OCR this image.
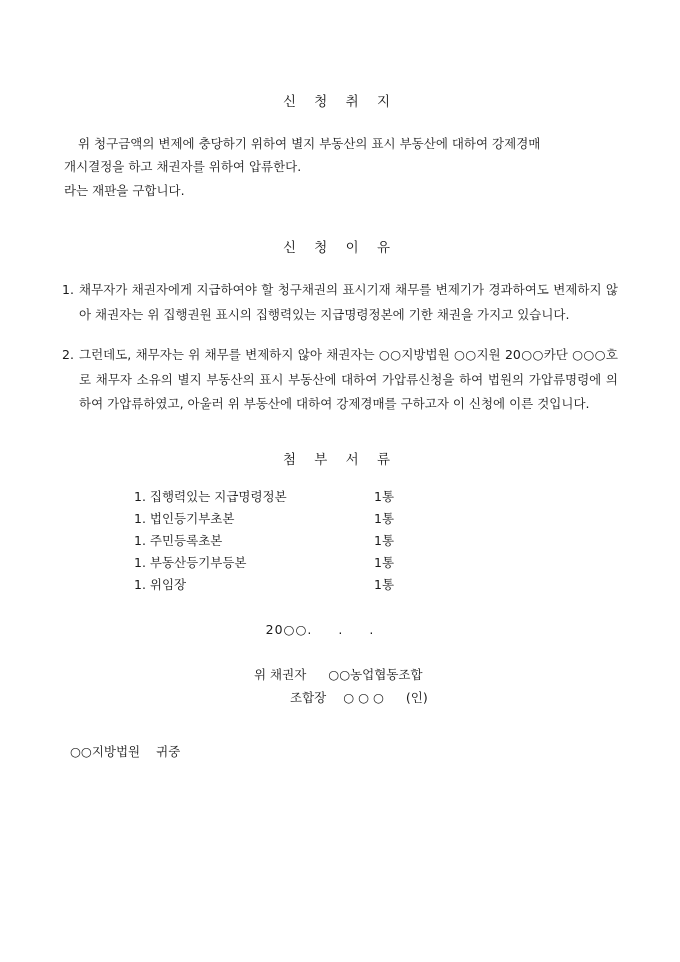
신 청 취 지
위 청구금액의 변제에 충당하기 위하여 별지 부동산의 표시 부동산에 대하여 강제경매
개시결정을 하고 채권자를 위하여 압류한다.
라는 재판을 구합니다.
신 청 이 유
1. 채무자가 채권자에게 지급하여야 할 청구채권의 표시기재 채무를 변제기가 경과하여도 변제하지 않아 채권자는 위 집행권원 표시의 집행력있는 지급명령정본에 기한 채권을 가지고 있습니다.
2. 그런데도, 채무자는 위 채무를 변제하지 않아 채권자는 ○○지방법원 ○○지원 20○○카단 ○○○호로 채무자 소유의 별지 부동산의 표시 부동산에 대하여 가압류신청을 하여 법원의 가압류명령에 의하여 가압류하였고, 아울러 위 부동산에 대하여 강제경매를 구하고자 이 신청에 이른 것입니다.
첨 부 서 류
1. 집행력있는 지급명령정본	1통
1. 법인등기부초본	1통
1. 주민등록초본	1통
1. 부동산등기부등본	1통
1. 위임장	1통
20○○. . .
위 채권자 ○○농업협동조합
조합장 ○ ○ ○ (인)
○○지방법원 귀중
